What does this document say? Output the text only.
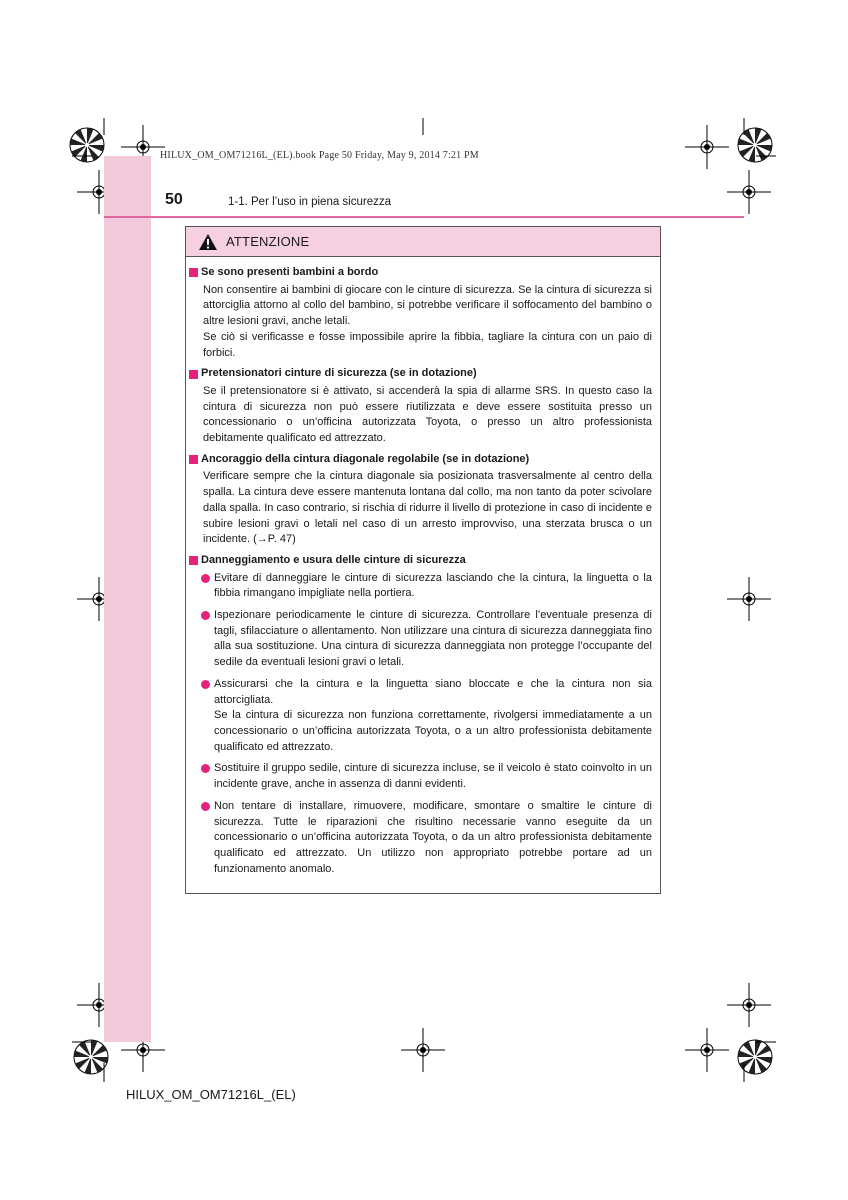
HILUX_OM_OM71216L_(EL).book Page 50 Friday, May 9, 2014 7:21 PM
50	1-1. Per l’uso in piena sicurezza
ATTENZIONE
Se sono presenti bambini a bordo

Non consentire ai bambini di giocare con le cinture di sicurezza. Se la cintura di sicurezza si attorciglia attorno al collo del bambino, si potrebbe verificare il soffocamento del bambino o altre lesioni gravi, anche letali.

Se ciò si verificasse e fosse impossibile aprire la fibbia, tagliare la cintura con un paio di forbici.

Pretensionatori cinture di sicurezza (se in dotazione)

Se il pretensionatore si è attivato, si accenderà la spia di allarme SRS. In questo caso la cintura di sicurezza non può essere riutilizzata e deve essere sostituita presso un concessionario o un’officina autorizzata Toyota, o presso un altro professionista debitamente qualificato ed attrezzato.

Ancoraggio della cintura diagonale regolabile (se in dotazione)

Verificare sempre che la cintura diagonale sia posizionata trasversalmente al centro della spalla. La cintura deve essere mantenuta lontana dal collo, ma non tanto da poter scivolare dalla spalla. In caso contrario, si rischia di ridurre il livello di protezione in caso di incidente e subire lesioni gravi o letali nel caso di un arresto improvviso, una sterzata brusca o un incidente. (→P. 47)

Danneggiamento e usura delle cinture di sicurezza

Evitare di danneggiare le cinture di sicurezza lasciando che la cintura, la linguetta o la fibbia rimangano impigliate nella portiera.

Ispezionare periodicamente le cinture di sicurezza. Controllare l’eventuale presenza di tagli, sfilacciature o allentamento. Non utilizzare una cintura di sicurezza danneggiata fino alla sua sostituzione. Una cintura di sicurezza danneggiata non protegge l’occupante del sedile da eventuali lesioni gravi o letali.

Assicurarsi che la cintura e la linguetta siano bloccate e che la cintura non sia attorcigliata.

Se la cintura di sicurezza non funziona correttamente, rivolgersi immediatamente a un concessionario o un’officina autorizzata Toyota, o a un altro professionista debitamente qualificato ed attrezzato.

Sostituire il gruppo sedile, cinture di sicurezza incluse, se il veicolo è stato coinvolto in un incidente grave, anche in assenza di danni evidenti.

Non tentare di installare, rimuovere, modificare, smontare o smaltire le cinture di sicurezza. Tutte le riparazioni che risultino necessarie vanno eseguite da un concessionario o un’officina autorizzata Toyota, o da un altro professionista debitamente qualificato ed attrezzato. Un utilizzo non appropriato potrebbe portare ad un funzionamento anomalo.

HILUX_OM_OM71216L_(EL)
